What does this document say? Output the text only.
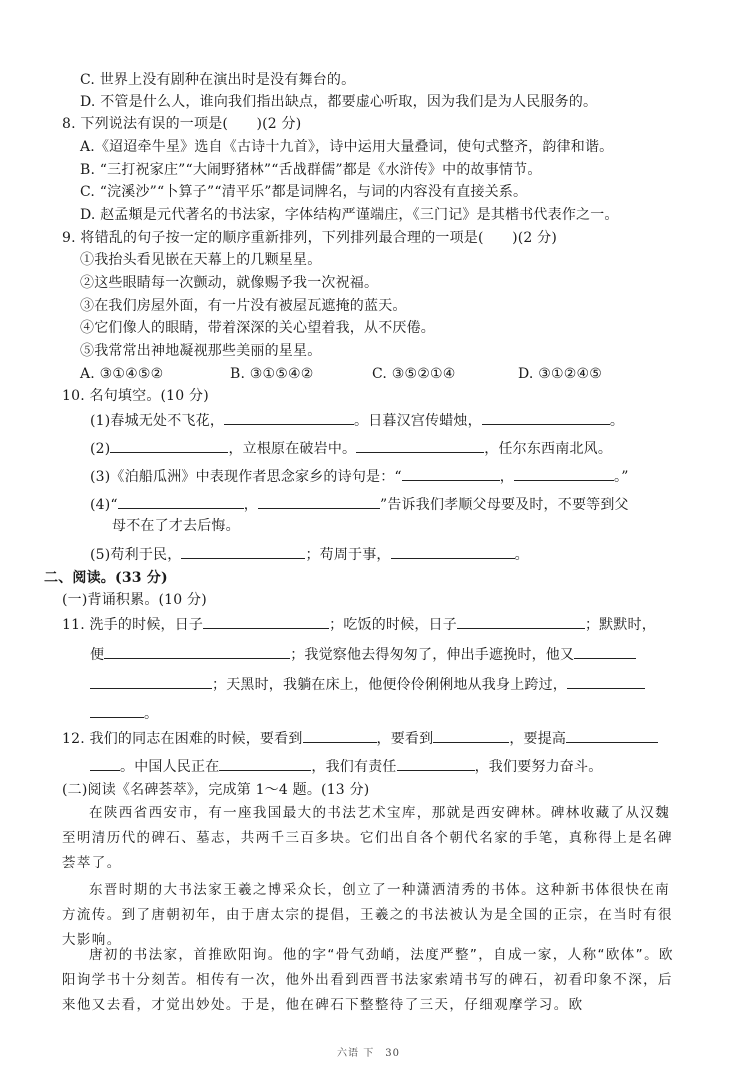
C. 世界上没有剧种在演出时是没有舞台的。
D. 不管是什么人，谁向我们指出缺点，都要虚心听取，因为我们是为人民服务的。
8. 下列说法有误的一项是(　　)(2 分)
A.《迢迢牵牛星》选自《古诗十九首》，诗中运用大量叠词，使句式整齐，韵律和谐。
B. “三打祝家庄”“大闹野猪林”“舌战群儒”都是《水浒传》中的故事情节。
C. “浣溪沙”“卜算子”“清平乐”都是词牌名，与词的内容没有直接关系。
D. 赵孟頫是元代著名的书法家，字体结构严谨端庄，《三门记》是其楷书代表作之一。
9. 将错乱的句子按一定的顺序重新排列，下列排列最合理的一项是(　　)(2 分)
①我抬头看见嵌在天幕上的几颗星星。
②这些眼睛每一次颤动，就像赐予我一次祝福。
③在我们房屋外面，有一片没有被屋瓦遮掩的蓝天。
④它们像人的眼睛，带着深深的关心望着我，从不厌倦。
⑤我常常出神地凝视那些美丽的星星。
A. ③①④⑤②	B. ③①⑤④②	C. ③⑤②①④	D. ③①②④⑤
10. 名句填空。(10 分)
(1)春城无处不飞花，	。日暮汉宫传蜡烛，	。
(2)	，立根原在破岩中。	，任尔东西南北风。
(3)《泊船瓜洲》中表现作者思念家乡的诗句是：“	，	。”
(4)“	，	”告诉我们孝顺父母要及时，不要等到父
母不在了才去后悔。
(5)苟利于民，	；苟周于事，	。
二、阅读。(33 分)
(一)背诵积累。(10 分)
11. 洗手的时候，日子	；吃饭的时候，日子	；默默时，
便	；我觉察他去得匆匆了，伸出手遮挽时，他又
；天黑时，我躺在床上，他便伶伶俐俐地从我身上跨过，
。
12. 我们的同志在困难的时候，要看到	，要看到	，要提高
。中国人民正在	，我们有责任	，我们要努力奋斗。
(二)阅读《名碑荟萃》，完成第 1～4 题。(13 分)
在陕西省西安市，有一座我国最大的书法艺术宝库，那就是西安碑林。碑林收藏了从汉魏至明清历代的碑石、墓志，共两千三百多块。它们出自各个朝代名家的手笔，真称得上是名碑荟萃了。
东晋时期的大书法家王羲之博采众长，创立了一种潇洒清秀的书体。这种新书体很快在南方流传。到了唐朝初年，由于唐太宗的提倡，王羲之的书法被认为是全国的正宗，在当时有很大影响。
唐初的书法家，首推欧阳询。他的字“骨气劲峭，法度严整”，自成一家，人称“欧体”。欧阳询学书十分刻苦。相传有一次，他外出看到西晋书法家索靖书写的碑石，初看印象不深，后来他又去看，才觉出妙处。于是，他在碑石下整整待了三天，仔细观摩学习。欧
六语 下　30
